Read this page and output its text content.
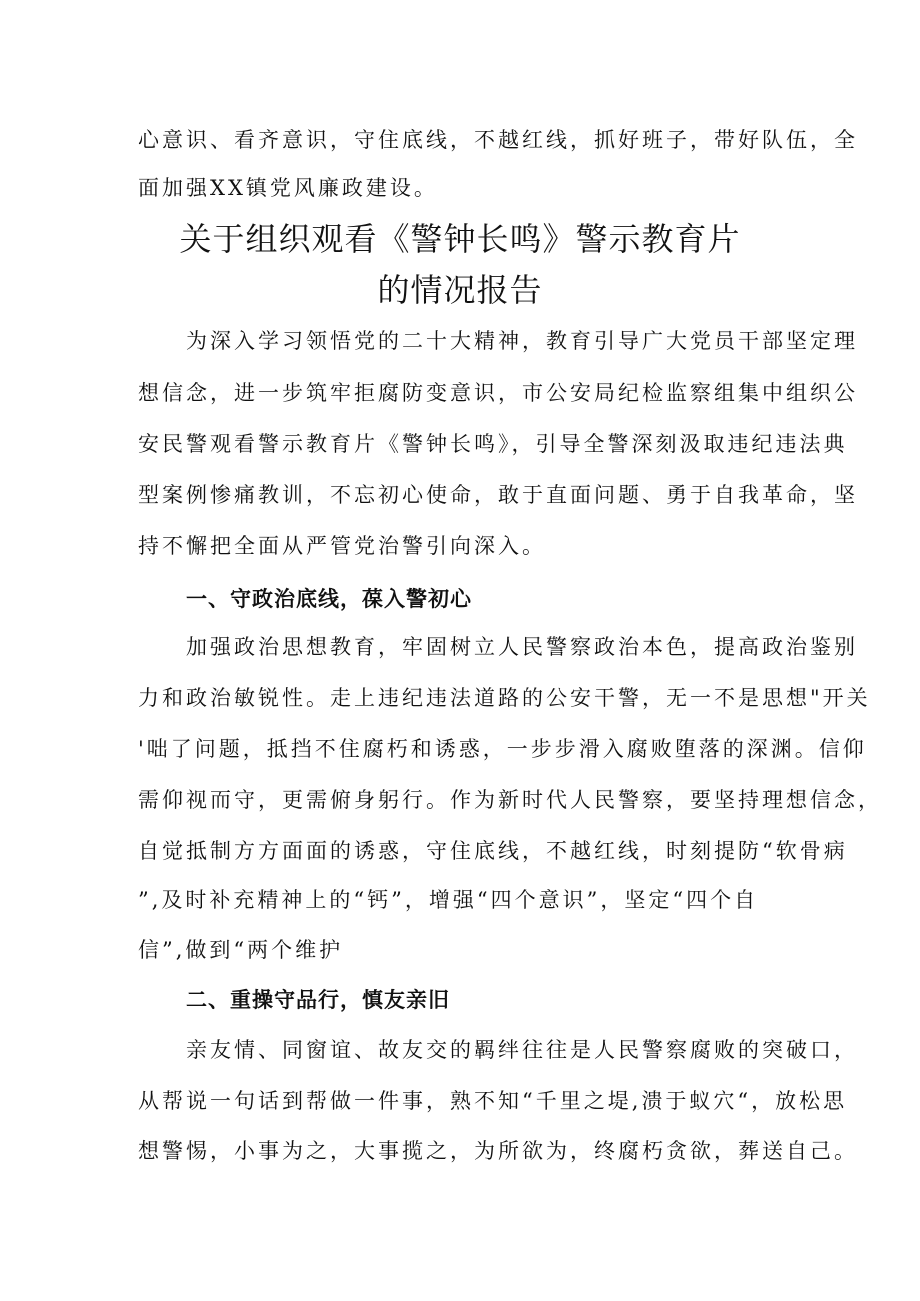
心意识、看齐意识，守住底线，不越红线，抓好班子，带好队伍，全
面加强XX镇党风廉政建设。
关于组织观看《警钟长鸣》警示教育片
的情况报告
为深入学习领悟党的二十大精神，教育引导广大党员干部坚定理
想信念，进一步筑牢拒腐防变意识，市公安局纪检监察组集中组织公
安民警观看警示教育片《警钟长鸣》，引导全警深刻汲取违纪违法典
型案例惨痛教训，不忘初心使命，敢于直面问题、勇于自我革命，坚
持不懈把全面从严管党治警引向深入。
一、守政治底线，葆入警初心
加强政治思想教育，牢固树立人民警察政治本色，提高政治鉴别
力和政治敏锐性。走上违纪违法道路的公安干警，无一不是思想"开关
'咄了问题，抵挡不住腐朽和诱惑，一步步滑入腐败堕落的深渊。信仰
需仰视而守，更需俯身躬行。作为新时代人民警察，要坚持理想信念，
自觉抵制方方面面的诱惑，守住底线，不越红线，时刻提防“软骨病
”,及时补充精神上的“钙”，增强“四个意识”，坚定“四个自
信”,做到“两个维护
二、重操守品行，慎友亲旧
亲友情、同窗谊、故友交的羁绊往往是人民警察腐败的突破口，
从帮说一句话到帮做一件事，熟不知“千里之堤,溃于蚁穴“，放松思
想警惕，小事为之，大事揽之，为所欲为，终腐朽贪欲，葬送自己。
